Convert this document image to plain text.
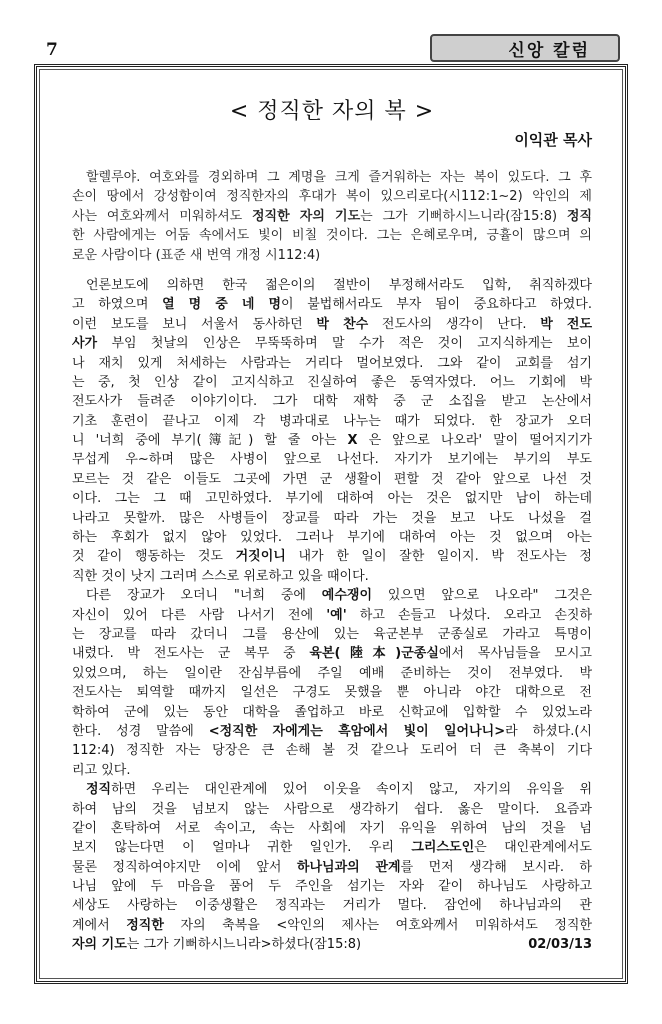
7	신앙 칼럼
< 정직한 자의 복 >
이익관 목사
할렐루야. 여호와를 경외하며 그 계명을 크게 즐거워하는 자는 복이 있도다. 그 후
손이 땅에서 강성함이여 정직한자의 후대가 복이 있으리로다(시112:1~2) 악인의 제
사는 여호와께서 미워하셔도 정직한 자의 기도는 그가 기뻐하시느니라(잠15:8) 정직
한 사람에게는 어둠 속에서도 빛이 비칠 것이다. 그는 은혜로우며, 긍휼이 많으며 의
로운 사람이다 (표준 새 번역 개정 시112:4)
언론보도에 의하면 한국 젊은이의 절반이 부정해서라도 입학, 취직하겠다
고 하였으며 열 명 중 네 명이 불법해서라도 부자 됨이 중요하다고 하였다.
이런 보도를 보니 서울서 동사하던 박 찬수 전도사의 생각이 난다. 박 전도
사가 부임 첫날의 인상은 무뚝뚝하며 말 수가 적은 것이 고지식하게는 보이
나 재치 있게 처세하는 사람과는 거리다 멀어보였다. 그와 같이 교회를 섬기
는 중, 첫 인상 같이 고지식하고 진실하여 좋은 동역자였다. 어느 기회에 박
전도사가 들려준 이야기이다. 그가 대학 재학 중 군 소집을 받고 논산에서
기초 훈련이 끝나고 이제 각 병과대로 나누는 때가 되었다. 한 장교가 오더
니 '너희 중에 부기(簿記) 할 줄 아는 X 은 앞으로 나오라' 말이 떨어지기가
무섭게 우~하며 많은 사병이 앞으로 나선다. 자기가 보기에는 부기의 부도
모르는 것 같은 이들도 그곳에 가면 군 생활이 편할 것 같아 앞으로 나선 것
이다. 그는 그 때 고민하였다. 부기에 대하여 아는 것은 없지만 남이 하는데
나라고 못할까. 많은 사병들이 장교를 따라 가는 것을 보고 나도 나섰을 걸
하는 후회가 없지 않아 있었다. 그러나 부기에 대하여 아는 것 없으며 아는
것 같이 행동하는 것도 거짓이니 내가 한 일이 잘한 일이지. 박 전도사는 정
직한 것이 낫지 그러며 스스로 위로하고 있을 때이다.
다른 장교가 오더니 "너희 중에 예수쟁이 있으면 앞으로 나오라" 그것은
자신이 있어 다른 사람 나서기 전에 '예' 하고 손들고 나섰다. 오라고 손짓하
는 장교를 따라 갔더니 그를 용산에 있는 육군본부 군종실로 가라고 특명이
내렸다. 박 전도사는 군 복무 중 육본(陸本)군종실에서 목사님들을 모시고
있었으며, 하는 일이란 잔심부름에 주일 예배 준비하는 것이 전부였다. 박
전도사는 퇴역할 때까지 일선은 구경도 못했을 뿐 아니라 야간 대학으로 전
학하여 군에 있는 동안 대학을 졸업하고 바로 신학교에 입학할 수 있었노라
한다. 성경 말씀에 <정직한 자에게는 흑암에서 빛이 일어나니>라 하셨다.(시
112:4) 정직한 자는 당장은 큰 손해 볼 것 같으나 도리어 더 큰 축복이 기다
리고 있다.
정직하면 우리는 대인관계에 있어 이웃을 속이지 않고, 자기의 유익을 위
하여 남의 것을 넘보지 않는 사람으로 생각하기 쉽다. 옳은 말이다. 요즘과
같이 혼탁하여 서로 속이고, 속는 사회에 자기 유익을 위하여 남의 것을 넘
보지 않는다면 이 얼마나 귀한 일인가. 우리 그리스도인은 대인관계에서도
물론 정직하여야지만 이에 앞서 하나님과의 관계를 먼저 생각해 보시라. 하
나님 앞에 두 마음을 품어 두 주인을 섬기는 자와 같이 하나님도 사랑하고
세상도 사랑하는 이중생활은 정직과는 거리가 멀다. 잠언에 하나님과의 관
계에서 정직한 자의 축복을 <악인의 제사는 여호와께서 미워하셔도 정직한
자의 기도는 그가 기뻐하시느니라>하셨다(잠15:8)	02/03/13
